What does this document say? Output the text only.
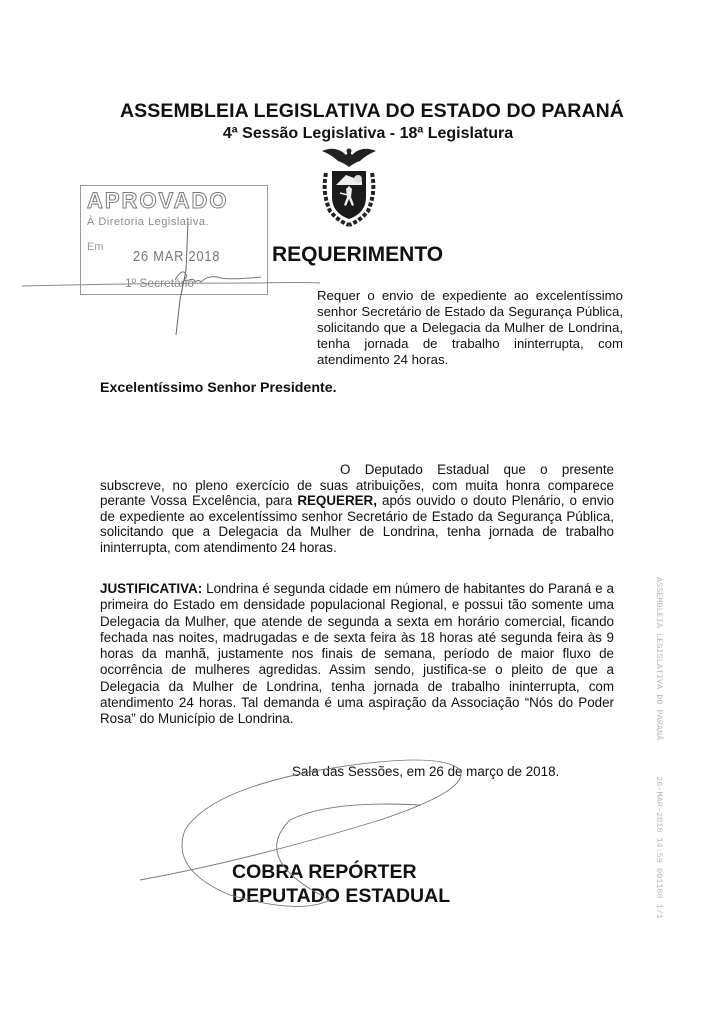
ASSEMBLEIA LEGISLATIVA DO ESTADO DO PARANÁ
4ª Sessão Legislativa - 18ª Legislatura
APROVADO
À Diretoria Legislativa.
Em
26 MAR 2018
1º Secretário
REQUERIMENTO
Requer o envio de expediente ao excelentíssimo senhor Secretário de Estado da Segurança Pública, solicitando que a Delegacia da Mulher de Londrina, tenha jornada de trabalho ininterrupta, com atendimento 24 horas.
Excelentíssimo Senhor Presidente.
O Deputado Estadual que o presente subscreve, no pleno exercício de suas atribuições, com muita honra comparece perante Vossa Excelência, para REQUERER, após ouvido o douto Plenário, o envio de expediente ao excelentíssimo senhor Secretário de Estado da Segurança Pública, solicitando que a Delegacia da Mulher de Londrina, tenha jornada de trabalho ininterrupta, com atendimento 24 horas.
JUSTIFICATIVA: Londrina é segunda cidade em número de habitantes do Paraná e a primeira do Estado em densidade populacional Regional, e possui tão somente uma Delegacia da Mulher, que atende de segunda a sexta em horário comercial, ficando fechada nas noites, madrugadas e de sexta feira às 18 horas até segunda feira às 9 horas da manhã, justamente nos finais de semana, período de maior fluxo de ocorrência de mulheres agredidas. Assim sendo, justifica-se o pleito de que a Delegacia da Mulher de Londrina, tenha jornada de trabalho ininterrupta, com atendimento 24 horas. Tal demanda é uma aspiração da Associação “Nós do Poder Rosa” do Município de Londrina.
Sala das Sessões, em 26 de março de 2018.
COBRA REPÓRTER
DEPUTADO ESTADUAL
ASSEMBLEIA LEGISLATIVA DO PARANÁ26-MAR-2018 14:59 001168 1/1
